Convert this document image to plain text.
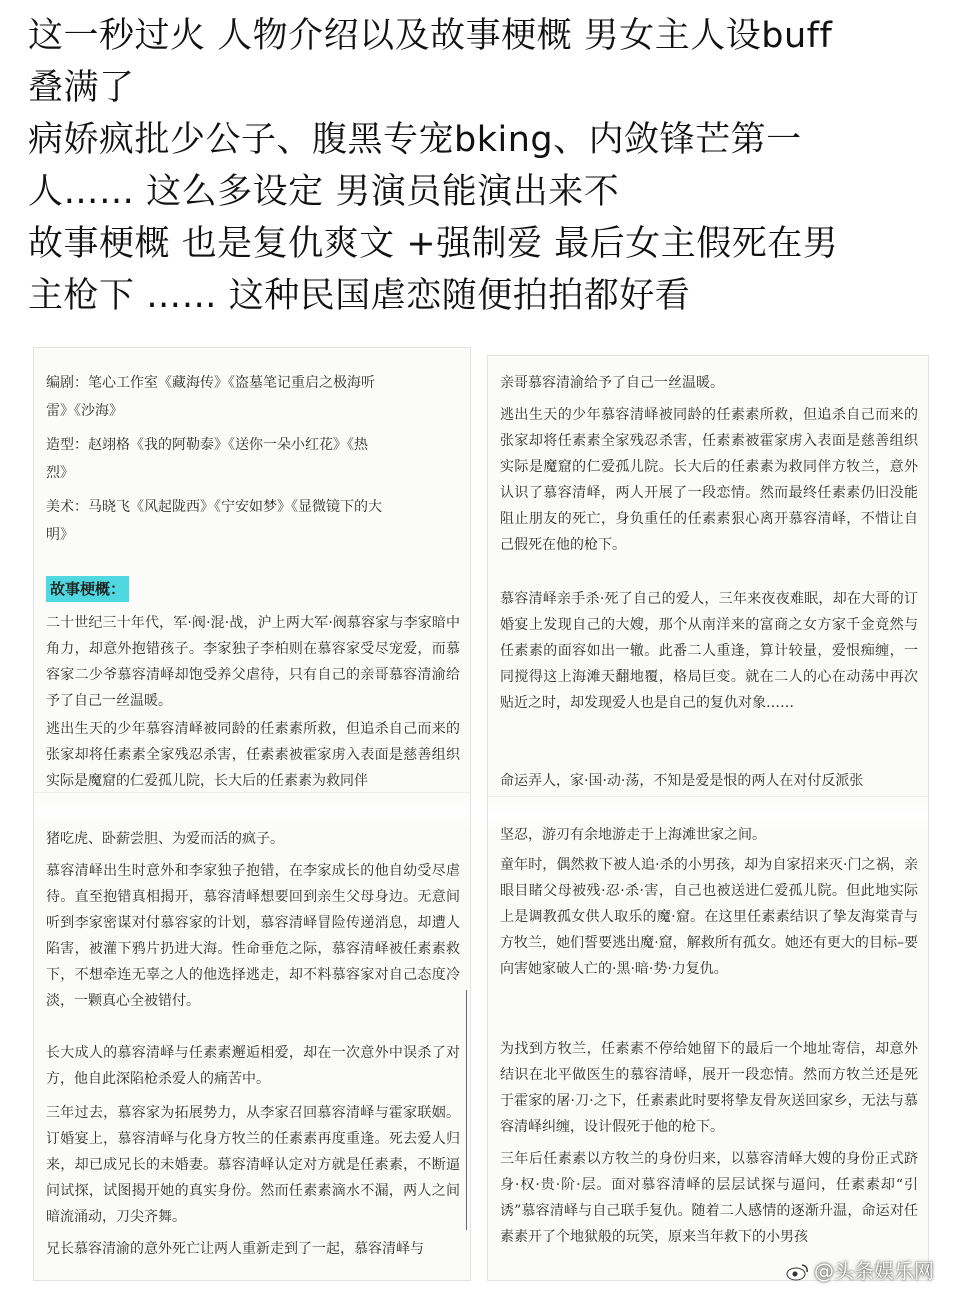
这一秒过火 人物介绍以及故事梗概 男女主人设buff
叠满了
病娇疯批少公子、腹黑专宠bking、内敛锋芒第一
人…… 这么多设定 男演员能演出来不
故事梗概 也是复仇爽文 +强制爱 最后女主假死在男
主枪下 …… 这种民国虐恋随便拍拍都好看
编剧：笔心工作室《藏海传》《盗墓笔记重启之极海听
雷》《沙海》
造型：赵翊格《我的阿勒泰》《送你一朵小红花》《热
烈》
美术：马晓飞《风起陇西》《宁安如梦》《显微镜下的大
明》
故事梗概：
二十世纪三十年代，军·阀·混·战，沪上两大军·阀慕容家与李家暗中角力，却意外抱错孩子。李家独子李柏则在慕容家受尽宠爱，而慕容家二少爷慕容清峄却饱受养父虐待，只有自己的亲哥慕容清渝给予了自己一丝温暖。
逃出生天的少年慕容清峄被同龄的任素素所救，但追杀自己而来的张家却将任素素全家残忍杀害，任素素被霍家虏入表面是慈善组织实际是魔窟的仁爱孤儿院，长大后的任素素为救同伴
猪吃虎、卧薪尝胆、为爱而活的疯子。
慕容清峄出生时意外和李家独子抱错，在李家成长的他自幼受尽虐待。直至抱错真相揭开，慕容清峄想要回到亲生父母身边。无意间听到李家密谋对付慕容家的计划，慕容清峄冒险传递消息，却遭人陷害，被灌下鸦片扔进大海。性命垂危之际，慕容清峄被任素素救下，不想牵连无辜之人的他选择逃走，却不料慕容家对自己态度冷淡，一颗真心全被错付。
长大成人的慕容清峄与任素素邂逅相爱，却在一次意外中误杀了对方，他自此深陷枪杀爱人的痛苦中。
三年过去，慕容家为拓展势力，从李家召回慕容清峄与霍家联姻。订婚宴上，慕容清峄与化身方牧兰的任素素再度重逢。死去爱人归来，却已成兄长的未婚妻。慕容清峄认定对方就是任素素，不断逼问试探，试图揭开她的真实身份。然而任素素滴水不漏，两人之间暗流涌动，刀尖齐舞。
兄长慕容清渝的意外死亡让两人重新走到了一起，慕容清峄与
亲哥慕容清渝给予了自己一丝温暖。
逃出生天的少年慕容清峄被同龄的任素素所救，但追杀自己而来的张家却将任素素全家残忍杀害，任素素被霍家虏入表面是慈善组织实际是魔窟的仁爱孤儿院。长大后的任素素为救同伴方牧兰，意外认识了慕容清峄，两人开展了一段恋情。然而最终任素素仍旧没能阻止朋友的死亡，身负重任的任素素狠心离开慕容清峄，不惜让自己假死在他的枪下。
慕容清峄亲手杀·死了自己的爱人，三年来夜夜难眠，却在大哥的订婚宴上发现自己的大嫂，那个从南洋来的富商之女方家千金竟然与任素素的面容如出一辙。此番二人重逢，算计较量，爱恨痴缠，一同搅得这上海滩天翻地覆，格局巨变。就在二人的心在动荡中再次贴近之时，却发现爱人也是自己的复仇对象……
命运弄人，家·国·动·荡，不知是爱是恨的两人在对付反派张
坚忍，游刃有余地游走于上海滩世家之间。
童年时，偶然救下被人追·杀的小男孩，却为自家招来灭·门之祸，亲眼目睹父母被残·忍·杀·害，自己也被送进仁爱孤儿院。但此地实际上是调教孤女供人取乐的魔·窟。在这里任素素结识了挚友海棠青与方牧兰，她们誓要逃出魔·窟，解救所有孤女。她还有更大的目标–要向害她家破人亡的·黑·暗·势·力复仇。
为找到方牧兰，任素素不停给她留下的最后一个地址寄信，却意外结识在北平做医生的慕容清峄，展开一段恋情。然而方牧兰还是死于霍家的屠·刀·之下，任素素此时要将挚友骨灰送回家乡，无法与慕容清峄纠缠，设计假死于他的枪下。
三年后任素素以方牧兰的身份归来，以慕容清峄大嫂的身份正式跻身·权·贵·阶·层。面对慕容清峄的层层试探与逼问，任素素却“引诱”慕容清峄与自己联手复仇。随着二人感情的逐渐升温，命运对任素素开了个地狱般的玩笑，原来当年救下的小男孩
@头条娱乐网
